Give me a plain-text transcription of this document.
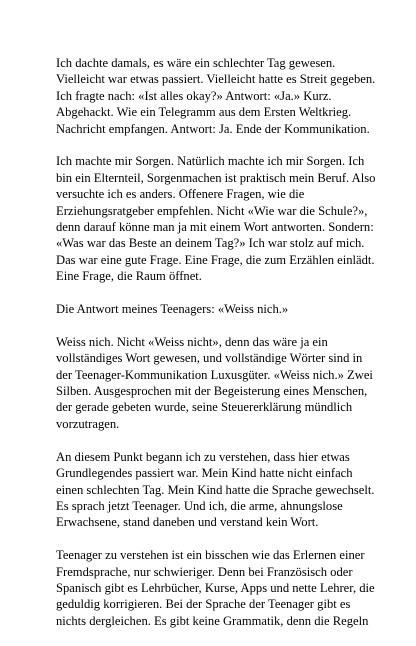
Ich dachte damals, es wäre ein schlechter Tag gewesen.
Vielleicht war etwas passiert. Vielleicht hatte es Streit gegeben.
Ich fragte nach: «Ist alles okay?» Antwort: «Ja.» Kurz.
Abgehackt. Wie ein Telegramm aus dem Ersten Weltkrieg.
Nachricht empfangen. Antwort: Ja. Ende der Kommunikation.

Ich machte mir Sorgen. Natürlich machte ich mir Sorgen. Ich
bin ein Elternteil, Sorgenmachen ist praktisch mein Beruf. Also
versuchte ich es anders. Offenere Fragen, wie die
Erziehungsratgeber empfehlen. Nicht «Wie war die Schule?»,
denn darauf könne man ja mit einem Wort antworten. Sondern:
«Was war das Beste an deinem Tag?» Ich war stolz auf mich.
Das war eine gute Frage. Eine Frage, die zum Erzählen einlädt.
Eine Frage, die Raum öffnet.

Die Antwort meines Teenagers: «Weiss nich.»

Weiss nich. Nicht «Weiss nicht», denn das wäre ja ein
vollständiges Wort gewesen, und vollständige Wörter sind in
der Teenager-Kommunikation Luxusgüter. «Weiss nich.» Zwei
Silben. Ausgesprochen mit der Begeisterung eines Menschen,
der gerade gebeten wurde, seine Steuererklärung mündlich
vorzutragen.

An diesem Punkt begann ich zu verstehen, dass hier etwas
Grundlegendes passiert war. Mein Kind hatte nicht einfach
einen schlechten Tag. Mein Kind hatte die Sprache gewechselt.
Es sprach jetzt Teenager. Und ich, die arme, ahnungslose
Erwachsene, stand daneben und verstand kein Wort.

Teenager zu verstehen ist ein bisschen wie das Erlernen einer
Fremdsprache, nur schwieriger. Denn bei Französisch oder
Spanisch gibt es Lehrbücher, Kurse, Apps und nette Lehrer, die
geduldig korrigieren. Bei der Sprache der Teenager gibt es
nichts dergleichen. Es gibt keine Grammatik, denn die Regeln
